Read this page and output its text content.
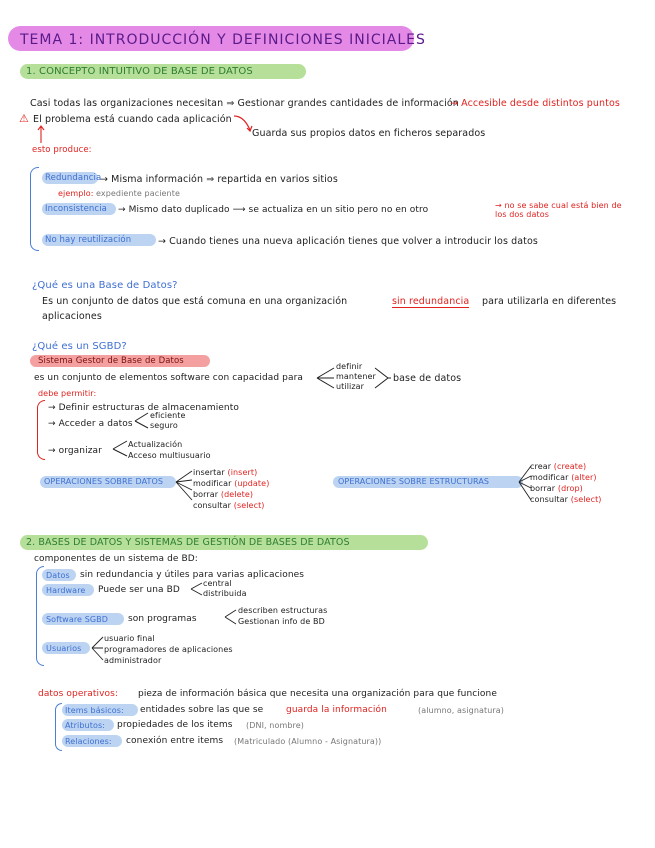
TEMA 1: INTRODUCCIÓN Y DEFINICIONES INICIALES
1. CONCEPTO INTUITIVO DE BASE DE DATOS
Casi todas las organizaciones necesitan ⇒ Gestionar grandes cantidades de información
→ Accesible desde distintos puntos
⚠ El problema está cuando cada aplicación
Guarda sus propios datos en ficheros separados
esto produce:
Redundancia
→ Misma información ⇒ repartida en varios sitios
ejemplo: expediente paciente
Inconsistencia → Mismo dato duplicado ⟶ se actualiza en un sitio pero no en otro	→ no se sabe cual está bien de los dos datos
No hay reutilización	→ Cuando tienes una nueva aplicación tienes que volver a introducir los datos
¿Qué es una Base de Datos?
Es un conjunto de datos que está comuna en una organización	sin redundancia para utilizarla en diferentes
aplicaciones
¿Qué es un SGBD?
Sistema Gestor de Base de Datos
es un conjunto de elementos software con capacidad para
definir
mantener
utilizar
base de datos
debe permitir:
→ Definir estructuras de almacenamiento
→ Acceder a datos
eficiente
seguro
→ organizar
Actualización
Acceso multiusuario
OPERACIONES SOBRE DATOS
insertar (insert)
modificar (update)
borrar (delete)
consultar (select)
OPERACIONES SOBRE ESTRUCTURAS
crear (create)
modificar (alter)
borrar (drop)
consultar (select)
2. BASES DE DATOS Y SISTEMAS DE GESTIÓN DE BASES DE DATOS
componentes de un sistema de BD:
Datos sin redundancia y útiles para varias aplicaciones
Hardware Puede ser una BD
central
distribuida
Software SGBD son programas
describen estructuras
Gestionan info de BD
Usuarios
usuario final
programadores de aplicaciones
administrador
datos operativos: pieza de información básica que necesita una organización para que funcione
Items básicos: entidades sobre las que se	guarda la información	(alumno, asignatura)
Atributos: propiedades de los items (DNI, nombre)
Relaciones: conexión entre items (Matriculado (Alumno - Asignatura))
